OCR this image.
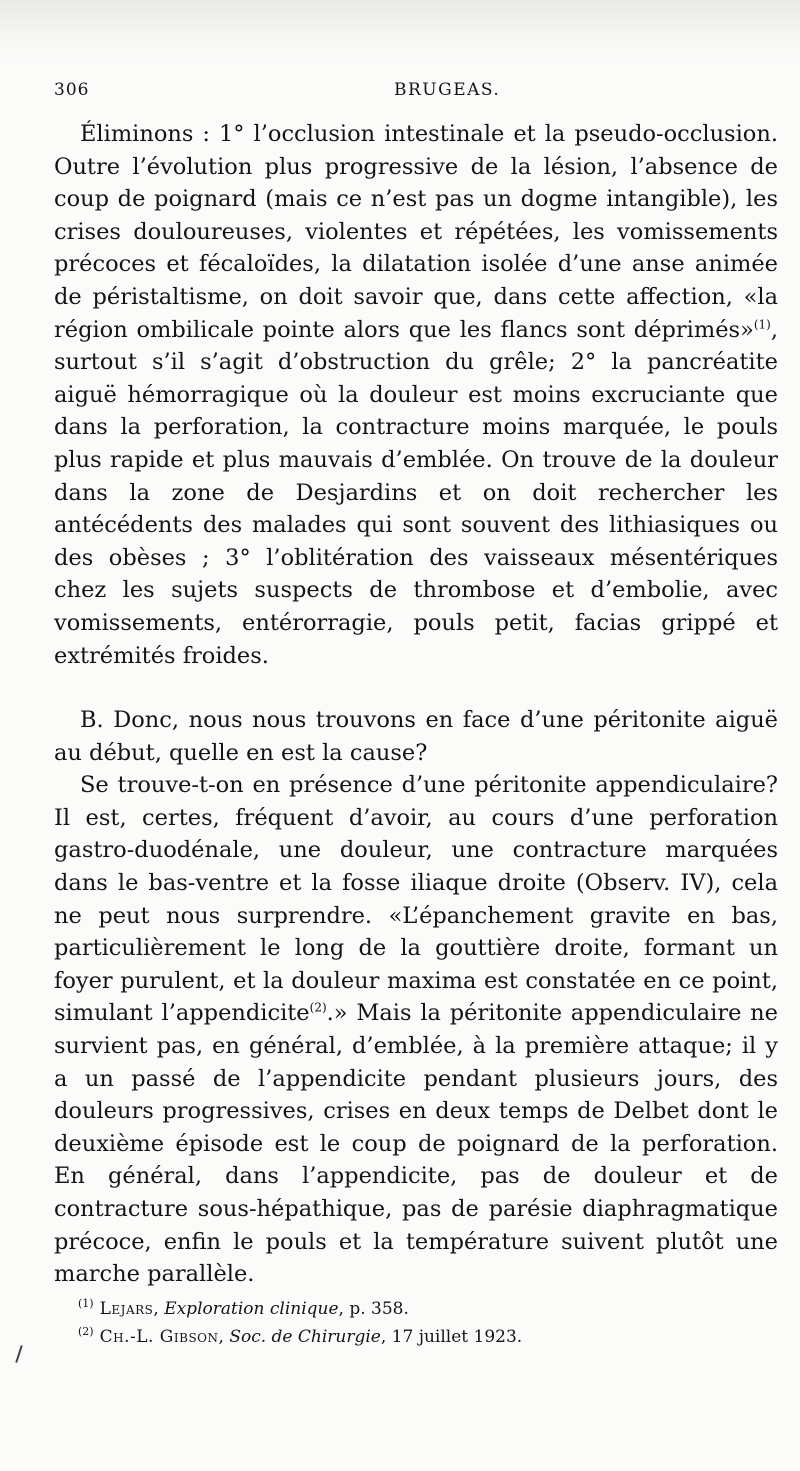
306	BRUGEAS.

Éliminons : 1° l’occlusion intestinale et la pseudo-occlusion. Outre l’évolution plus progressive de la lésion, l’absence de coup de poignard (mais ce n’est pas un dogme intangible), les crises douloureuses, violentes et répétées, les vomissements précoces et fécaloïdes, la dilatation isolée d’une anse animée de péristaltisme, on doit savoir que, dans cette affection, «la région ombilicale pointe alors que les flancs sont déprimés»$^{(1)}$, surtout s’il s’agit d’obstruction du grêle; 2° la pancréatite aiguë hémorragique où la douleur est moins excruciante que dans la perforation, la contracture moins marquée, le pouls plus rapide et plus mauvais d’emblée. On trouve de la douleur dans la zone de Desjardins et on doit rechercher les antécédents des malades qui sont souvent des lithiasiques ou des obèses ; 3° l’oblitération des vaisseaux mésentériques chez les sujets suspects de thrombose et d’embolie, avec vomissements, entérorragie, pouls petit, facias grippé et extrémités froides.

B. Donc, nous nous trouvons en face d’une péritonite aiguë au début, quelle en est la cause?

Se trouve-t-on en présence d’une péritonite appendiculaire? Il est, certes, fréquent d’avoir, au cours d’une perforation gastro-duodénale, une douleur, une contracture marquées dans le bas-ventre et la fosse iliaque droite (Observ. IV), cela ne peut nous surprendre. «L’épanchement gravite en bas, particulièrement le long de la gouttière droite, formant un foyer purulent, et la douleur maxima est constatée en ce point, simulant l’appendicite$^{(2)}$.» Mais la péritonite appendiculaire ne survient pas, en général, d’emblée, à la première attaque; il y a un passé de l’appendicite pendant plusieurs jours, des douleurs progressives, crises en deux temps de Delbet dont le deuxième épisode est le coup de poignard de la perforation. En général, dans l’appendicite, pas de douleur et de contracture sous-hépathique, pas de parésie diaphragmatique précoce, enfin le pouls et la température suivent plutôt une marche parallèle.

$^{(1)}$ Lejars, Exploration clinique, p. 358.

$^{(2)}$ Ch.-L. Gibson, Soc. de Chirurgie, 17 juillet 1923.
